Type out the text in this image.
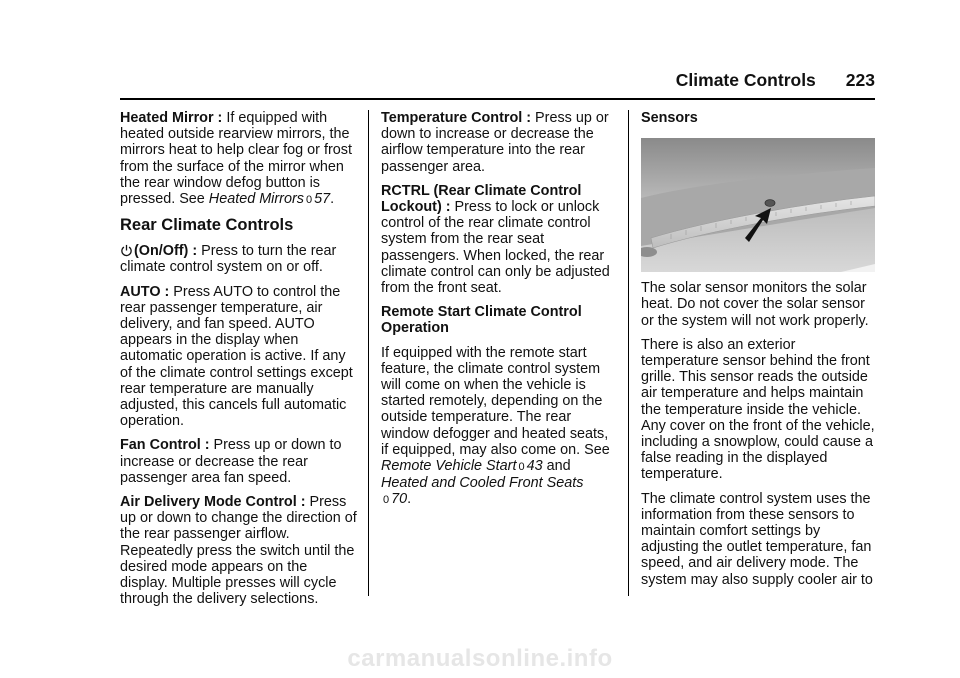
Climate Controls 223

Heated Mirror : If equipped with heated outside rearview mirrors, the mirrors heat to help clear fog or frost from the surface of the mirror when the rear window defog button is pressed. See Heated Mirrors 0 57.

Rear Climate Controls

(On/Off) : Press to turn the rear climate control system on or off.

AUTO : Press AUTO to control the rear passenger temperature, air delivery, and fan speed. AUTO appears in the display when automatic operation is active. If any of the climate control settings except rear temperature are manually adjusted, this cancels full automatic operation.

Fan Control : Press up or down to increase or decrease the rear passenger area fan speed.

Air Delivery Mode Control : Press up or down to change the direction of the rear passenger airflow. Repeatedly press the switch until the desired mode appears on the display. Multiple presses will cycle through the delivery selections.

Temperature Control : Press up or down to increase or decrease the airflow temperature into the rear passenger area.

RCTRL (Rear Climate Control Lockout) : Press to lock or unlock control of the rear climate control system from the rear seat passengers. When locked, the rear climate control can only be adjusted from the front seat.

Remote Start Climate Control Operation

If equipped with the remote start feature, the climate control system will come on when the vehicle is started remotely, depending on the outside temperature. The rear window defogger and heated seats, if equipped, may also come on. See Remote Vehicle Start 0 43 and Heated and Cooled Front Seats
0 70.

Sensors

The solar sensor monitors the solar heat. Do not cover the solar sensor or the system will not work properly.

There is also an exterior temperature sensor behind the front grille. This sensor reads the outside air temperature and helps maintain the temperature inside the vehicle. Any cover on the front of the vehicle, including a snowplow, could cause a false reading in the displayed temperature.

The climate control system uses the information from these sensors to maintain comfort settings by adjusting the outlet temperature, fan speed, and air delivery mode. The system may also supply cooler air to

carmanualsonline.info
